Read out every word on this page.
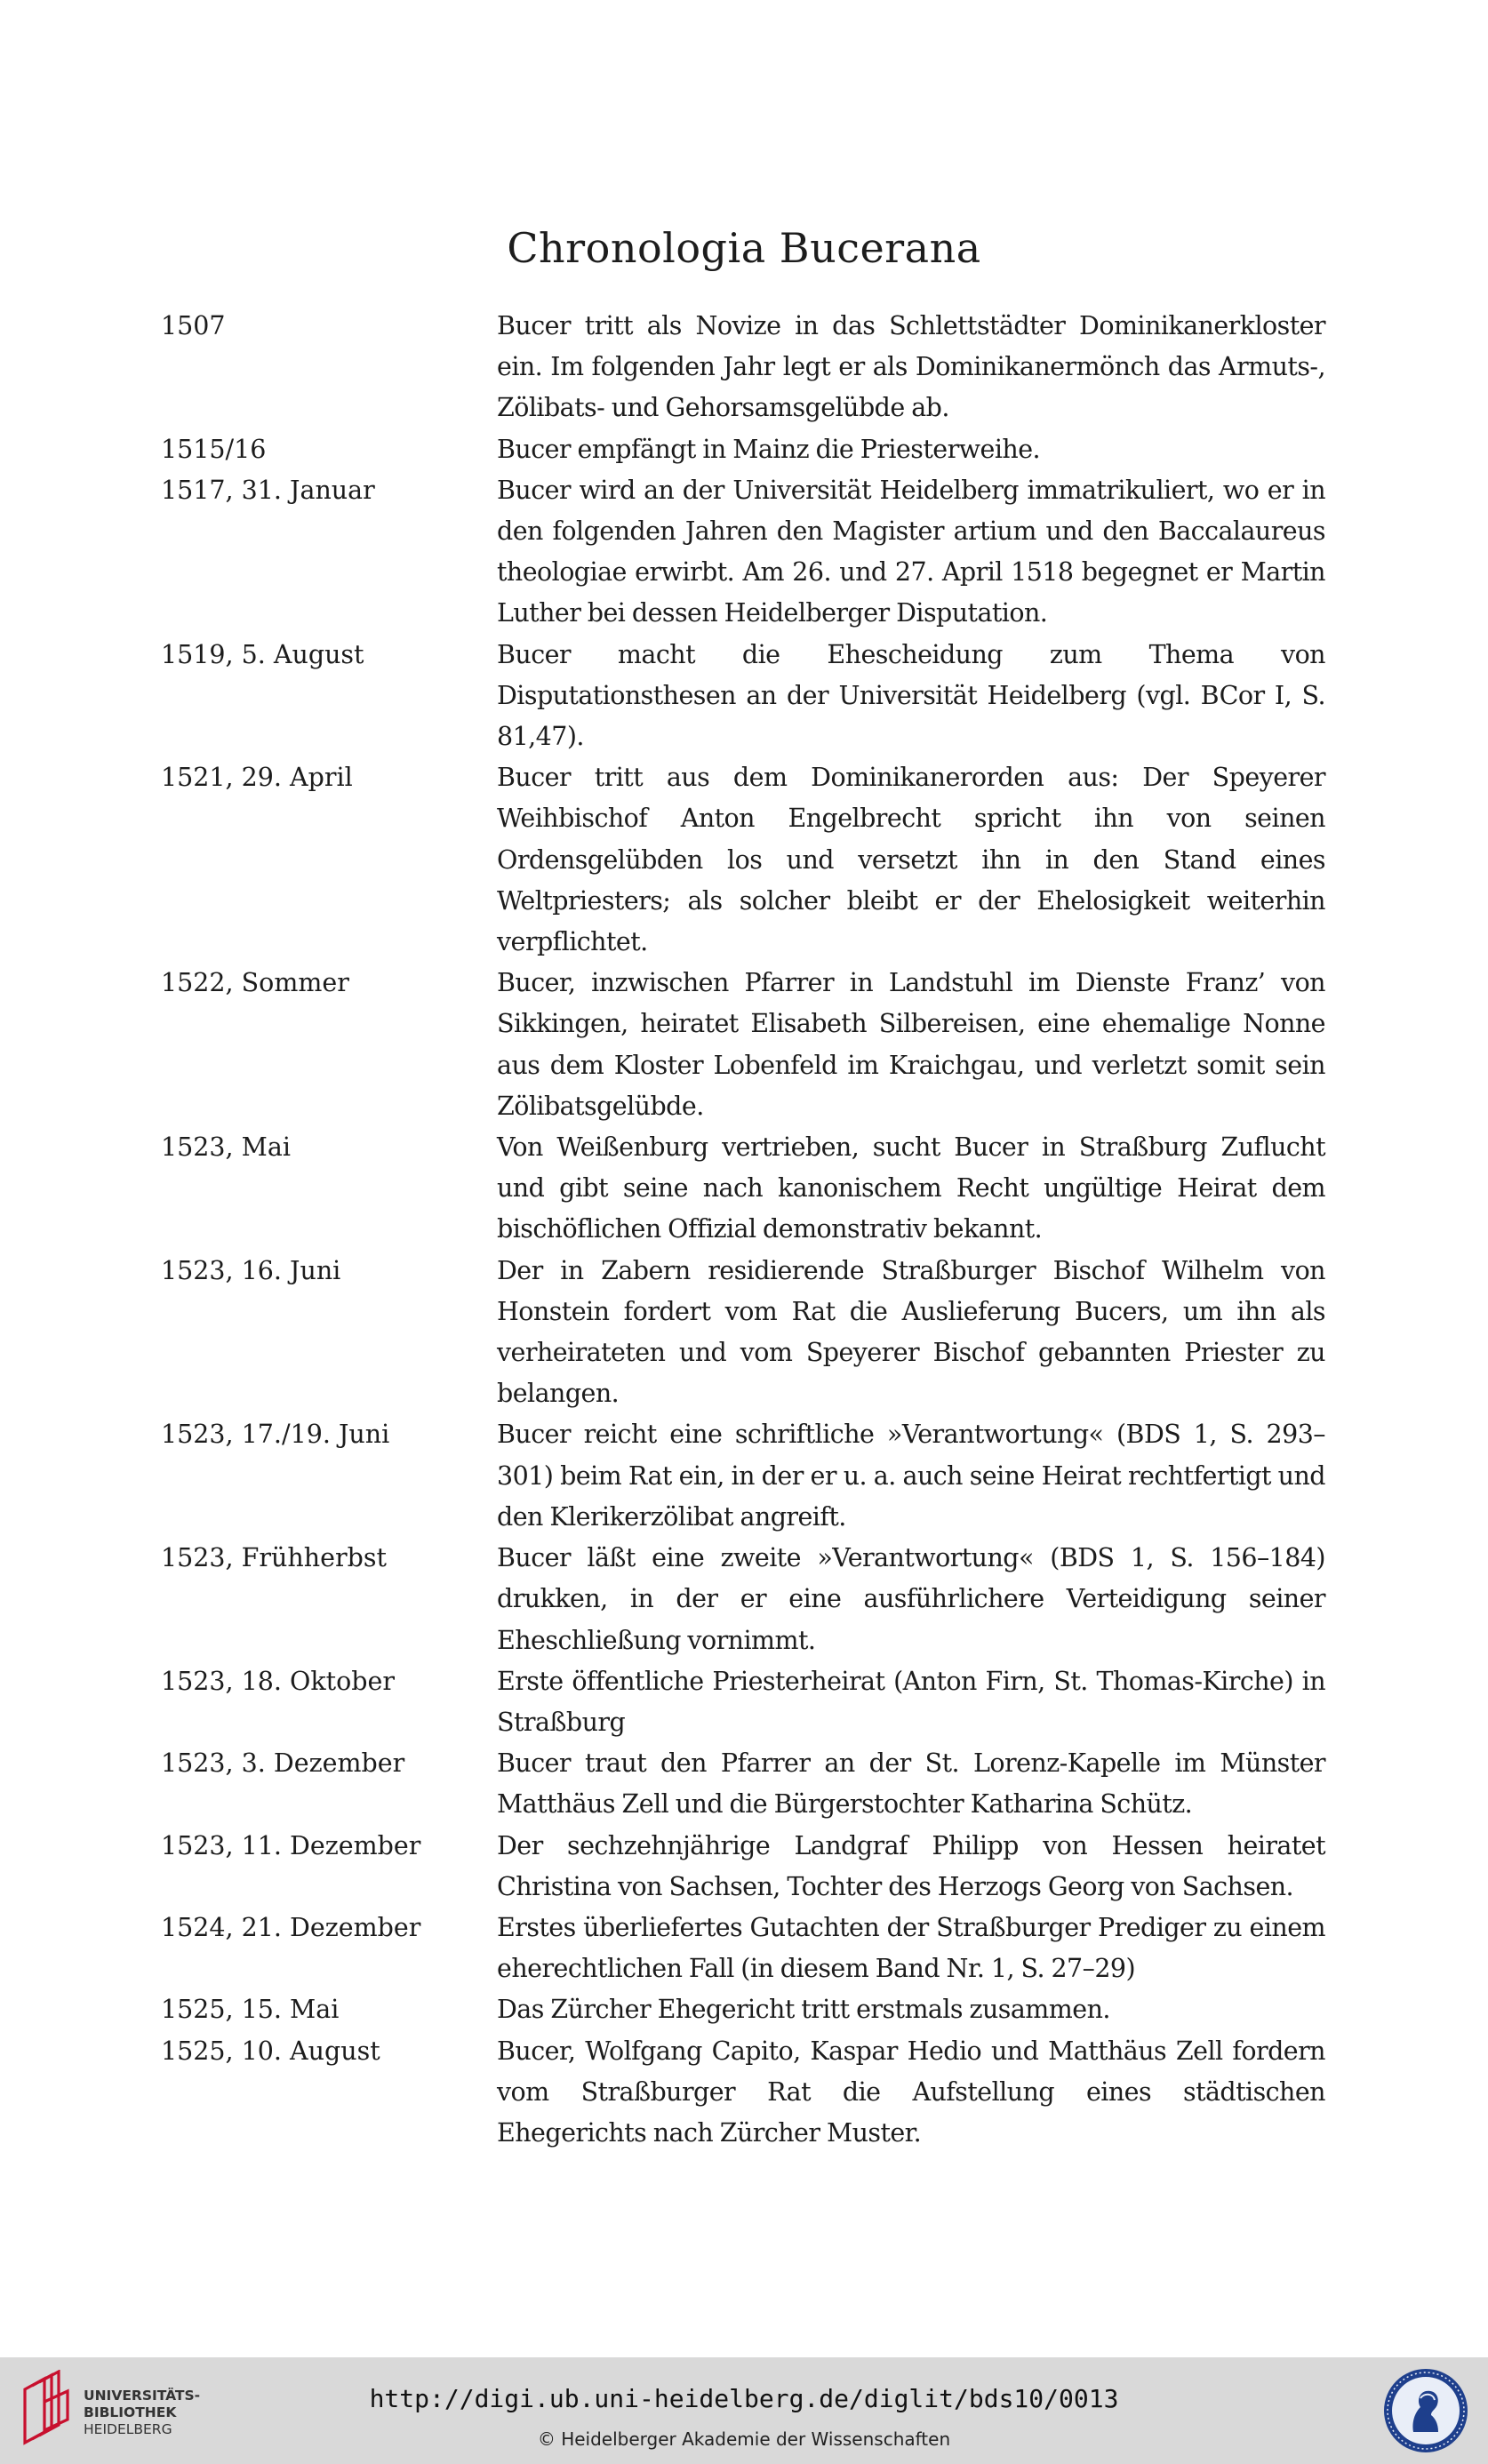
Chronologia Bucerana
1507	Bucer tritt als Novize in das Schlettstädter Dominikanerkloster ein. Im folgenden Jahr legt er als Dominikanermönch das Armuts-, Zölibats- und Gehorsamsgelübde ab.
1515/16	Bucer empfängt in Mainz die Priesterweihe.
1517, 31. Januar	Bucer wird an der Universität Heidelberg immatrikuliert, wo er in den folgenden Jahren den Magister artium und den Baccalaureus theologiae erwirbt. Am 26. und 27. April 1518 begegnet er Martin Luther bei dessen Heidelberger Disputation.
1519, 5. August	Bucer macht die Ehescheidung zum Thema von Disputationsthesen an der Universität Heidelberg (vgl. BCor I, S. 81,47).
1521, 29. April	Bucer tritt aus dem Dominikanerorden aus: Der Speyerer Weihbischof Anton Engelbrecht spricht ihn von seinen Ordensgelübden los und versetzt ihn in den Stand eines Weltpriesters; als solcher bleibt er der Ehelosigkeit weiterhin verpflichtet.
1522, Sommer	Bucer, inzwischen Pfarrer in Landstuhl im Dienste Franz’ von Sikkingen, heiratet Elisabeth Silbereisen, eine ehemalige Nonne aus dem Kloster Lobenfeld im Kraichgau, und verletzt somit sein Zölibatsgelübde.
1523, Mai	Von Weißenburg vertrieben, sucht Bucer in Straßburg Zuflucht und gibt seine nach kanonischem Recht ungültige Heirat dem bischöflichen Offizial demonstrativ bekannt.
1523, 16. Juni	Der in Zabern residierende Straßburger Bischof Wilhelm von Honstein fordert vom Rat die Auslieferung Bucers, um ihn als verheirateten und vom Speyerer Bischof gebannten Priester zu belangen.
1523, 17./19. Juni	Bucer reicht eine schriftliche »Verantwortung« (BDS 1, S. 293–301) beim Rat ein, in der er u. a. auch seine Heirat rechtfertigt und den Klerikerzölibat angreift.
1523, Frühherbst	Bucer läßt eine zweite »Verantwortung« (BDS 1, S. 156–184) drukken, in der er eine ausführlichere Verteidigung seiner Eheschließung vornimmt.
1523, 18. Oktober	Erste öffentliche Priesterheirat (Anton Firn, St. Thomas-Kirche) in Straßburg
1523, 3. Dezember	Bucer traut den Pfarrer an der St. Lorenz-Kapelle im Münster Matthäus Zell und die Bürgerstochter Katharina Schütz.
1523, 11. Dezember	Der sechzehnjährige Landgraf Philipp von Hessen heiratet Christina von Sachsen, Tochter des Herzogs Georg von Sachsen.
1524, 21. Dezember	Erstes überliefertes Gutachten der Straßburger Prediger zu einem eherechtlichen Fall (in diesem Band Nr. 1, S. 27–29)
1525, 15. Mai	Das Zürcher Ehegericht tritt erstmals zusammen.
1525, 10. August	Bucer, Wolfgang Capito, Kaspar Hedio und Matthäus Zell fordern vom Straßburger Rat die Aufstellung eines städtischen Ehegerichts nach Zürcher Muster.
UNIVERSITÄTS-
BIBLIOTHEK
HEIDELBERG
http://digi.ub.uni-heidelberg.de/diglit/bds10/0013
© Heidelberger Akademie der Wissenschaften
